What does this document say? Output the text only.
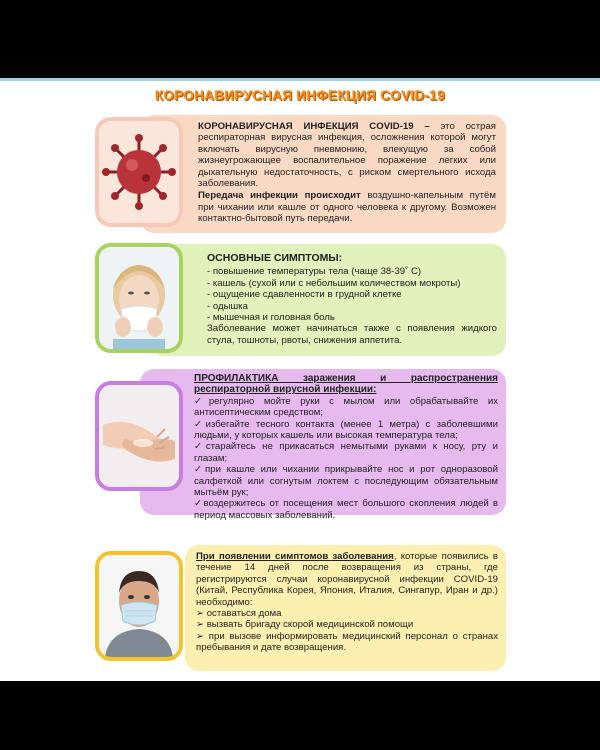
КОРОНАВИРУСНАЯ ИНФЕКЦИЯ COVID-19

КОРОНАВИРУСНАЯ ИНФЕКЦИЯ COVID-19 – это острая респираторная вирусная инфекция, осложнения которой могут включать вирусную пневмонию, влекущую за собой жизнеугрожающее воспалительное поражение легких или дыхательную недостаточность, с риском смертельного исхода заболевания.

Передача инфекции происходит воздушно-капельным путём при чихании или кашле от одного человека к другому. Возможен контактно-бытовой путь передачи.

ОСНОВНЫЕ СИМПТОМЫ:
- повышение температуры тела (чаще 38-39˚ С)
- кашель (сухой или с небольшим количеством мокроты)
- ощущение сдавленности в грудной клетке
- одышка
- мышечная и головная боль

Заболевание может начинаться также с появления жидкого стула, тошноты, рвоты, снижения аппетита.

ПРОФИЛАКТИКА заражения и распространения респираторной вирусной инфекции:
✓регулярно мойте руки с мылом или обрабатывайте их антисептическим средством;
✓избегайте тесного контакта (менее 1 метра) с заболевшими людьми, у которых кашель или высокая температура тела;
✓старайтесь не прикасаться немытыми руками к носу, рту и глазам;
✓при кашле или чихании прикрывайте нос и рот одноразовой салфеткой или согнутым локтем с последующим обязательным мытьём рук;
✓воздержитесь от посещения мест большого скопления людей в период массовых заболеваний.

При появлении симптомов заболевания, которые появились в течение 14 дней после возвращения из страны, где регистрируются случаи коронавирусной инфекции COVID-19 (Китай, Республика Корея, Япония, Италия, Сингапур, Иран и др.) необходимо:

➢ оставаться дома
➢ вызвать бригаду скорой медицинской помощи
➢ при вызове информировать медицинский персонал о странах пребывания и дате возвращения.
